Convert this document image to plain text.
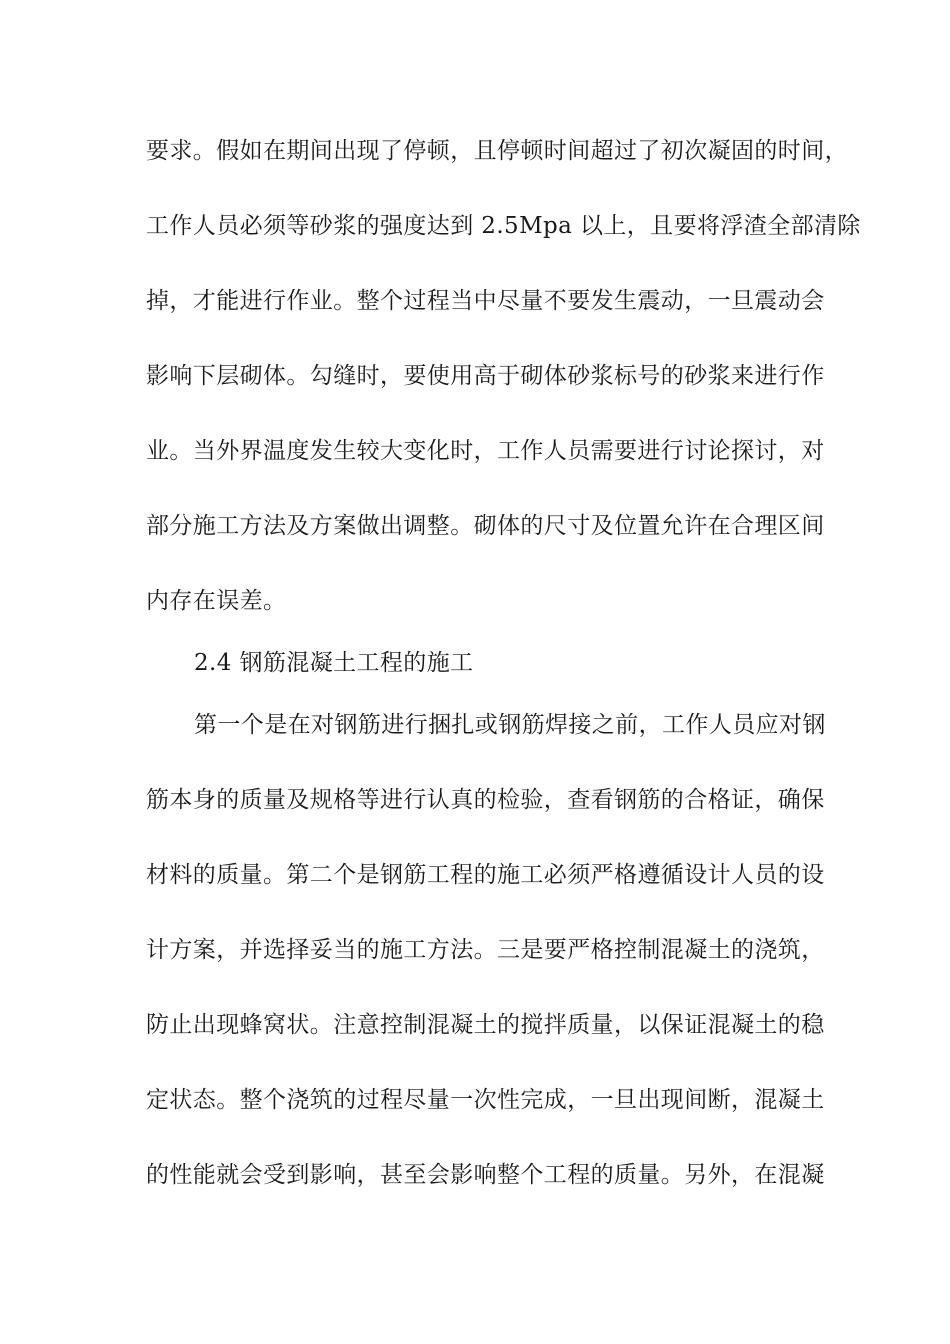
要求。假如在期间出现了停顿，且停顿时间超过了初次凝固的时间，
工作人员必须等砂浆的强度达到 2.5Mpa 以上，且要将浮渣全部清除
掉，才能进行作业。整个过程当中尽量不要发生震动，一旦震动会
影响下层砌体。勾缝时，要使用高于砌体砂浆标号的砂浆来进行作
业。当外界温度发生较大变化时，工作人员需要进行讨论探讨，对
部分施工方法及方案做出调整。砌体的尺寸及位置允许在合理区间
内存在误差。
2.4 钢筋混凝土工程的施工
第一个是在对钢筋进行捆扎或钢筋焊接之前，工作人员应对钢
筋本身的质量及规格等进行认真的检验，查看钢筋的合格证，确保
材料的质量。第二个是钢筋工程的施工必须严格遵循设计人员的设
计方案，并选择妥当的施工方法。三是要严格控制混凝土的浇筑，
防止出现蜂窝状。注意控制混凝土的搅拌质量，以保证混凝土的稳
定状态。整个浇筑的过程尽量一次性完成，一旦出现间断，混凝土
的性能就会受到影响，甚至会影响整个工程的质量。另外，在混凝
